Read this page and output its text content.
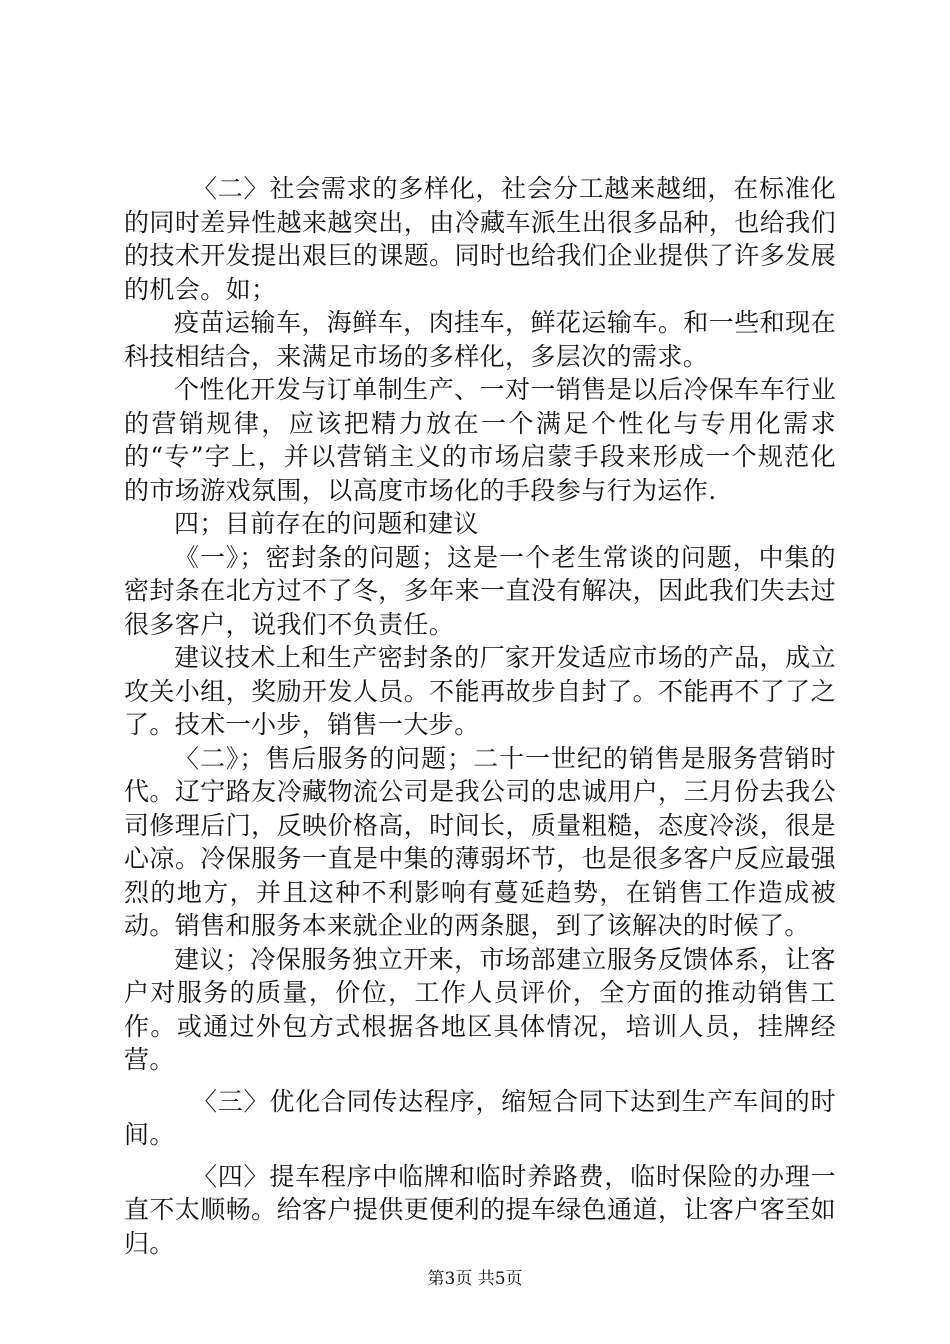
〈二〉社会需求的多样化，社会分工越来越细，在标准化的同时差异性越来越突出，由冷藏车派生出很多品种，也给我们的技术开发提出艰巨的课题。同时也给我们企业提供了许多发展的机会。如；

疫苗运输车，海鲜车，肉挂车，鲜花运输车。和一些和现在科技相结合，来满足市场的多样化，多层次的需求。

个性化开发与订单制生产、一对一销售是以后冷保车车行业的营销规律，应该把精力放在一个满足个性化与专用化需求的“专”字上，并以营销主义的市场启蒙手段来形成一个规范化的市场游戏氛围，以高度市场化的手段参与行为运作.

四；目前存在的问题和建议

《一》；密封条的问题；这是一个老生常谈的问题，中集的密封条在北方过不了冬，多年来一直没有解决，因此我们失去过很多客户，说我们不负责任。

建议技术上和生产密封条的厂家开发适应市场的产品，成立攻关小组，奖励开发人员。不能再故步自封了。不能再不了了之了。技术一小步，销售一大步。

〈二》；售后服务的问题；二十一世纪的销售是服务营销时代。辽宁路友冷藏物流公司是我公司的忠诚用户，三月份去我公司修理后门，反映价格高，时间长，质量粗糙，态度冷淡，很是心凉。冷保服务一直是中集的薄弱坏节，也是很多客户反应最强烈的地方，并且这种不利影响有蔓延趋势，在销售工作造成被动。销售和服务本来就企业的两条腿，到了该解决的时候了。

建议；冷保服务独立开来，市场部建立服务反馈体系，让客户对服务的质量，价位，工作人员评价，全方面的推动销售工作。或通过外包方式根据各地区具体情况，培训人员，挂牌经营。

〈三〉优化合同传达程序，缩短合同下达到生产车间的时间。

〈四〉提车程序中临牌和临时养路费，临时保险的办理一直不太顺畅。给客户提供更便利的提车绿色通道，让客户客至如归。

第3页 共5页
